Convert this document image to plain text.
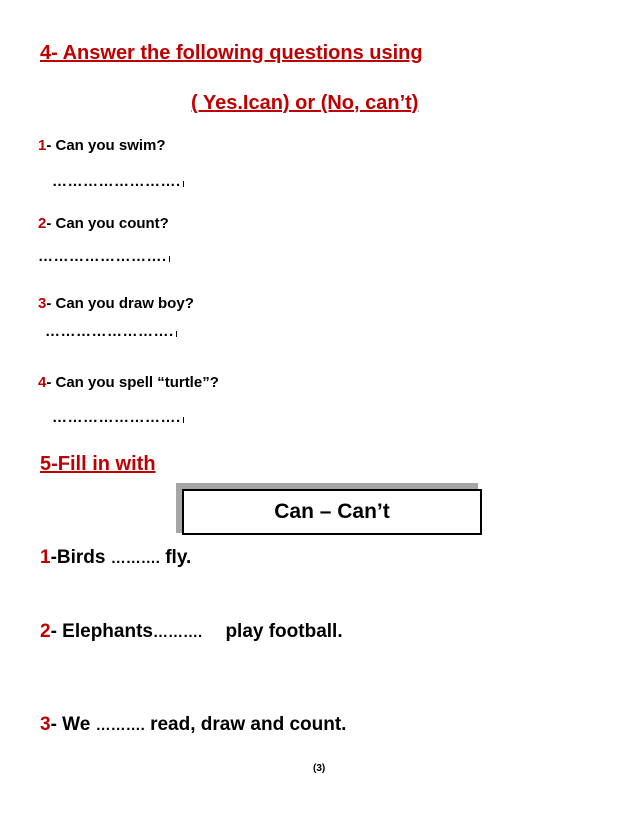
4- Answer the following questions using
( Yes.Ican) or (No, can’t)
1- Can you swim?
…………………….
2- Can you count?
…………………….
3- Can you draw boy?
…………………….
4- Can you spell “turtle”?
…………………….
5-Fill in with
Can – Can’t
1-Birds ………. fly.
2- Elephants………. play football.
3- We ………. read, draw and count.
(3)
